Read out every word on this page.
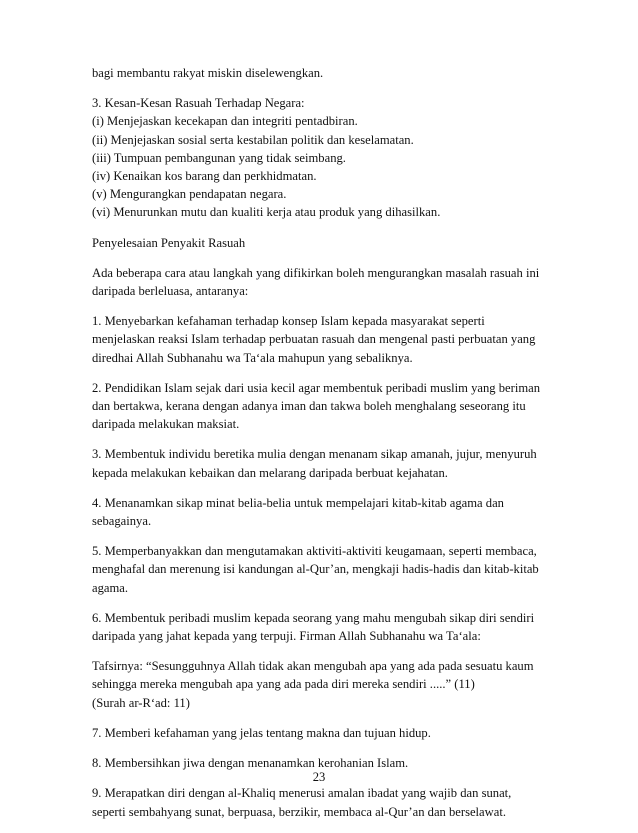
bagi membantu rakyat miskin diselewengkan.
3. Kesan-Kesan Rasuah Terhadap Negara:
(i) Menjejaskan kecekapan dan integriti pentadbiran.
(ii) Menjejaskan sosial serta kestabilan politik dan keselamatan.
(iii) Tumpuan pembangunan yang tidak seimbang.
(iv) Kenaikan kos barang dan perkhidmatan.
(v) Mengurangkan pendapatan negara.
(vi) Menurunkan mutu dan kualiti kerja atau produk yang dihasilkan.
Penyelesaian Penyakit Rasuah
Ada beberapa cara atau langkah yang difikirkan boleh mengurangkan masalah rasuah ini
daripada berleluasa, antaranya:
1. Menyebarkan kefahaman terhadap konsep Islam kepada masyarakat seperti
menjelaskan reaksi Islam terhadap perbuatan rasuah dan mengenal pasti perbuatan yang
diredhai Allah Subhanahu wa Ta‘ala mahupun yang sebaliknya.
2. Pendidikan Islam sejak dari usia kecil agar membentuk peribadi muslim yang beriman
dan bertakwa, kerana dengan adanya iman dan takwa boleh menghalang seseorang itu
daripada melakukan maksiat.
3. Membentuk individu beretika mulia dengan menanam sikap amanah, jujur, menyuruh
kepada melakukan kebaikan dan melarang daripada berbuat kejahatan.
4. Menanamkan sikap minat belia-belia untuk mempelajari kitab-kitab agama dan
sebagainya.
5. Memperbanyakkan dan mengutamakan aktiviti-aktiviti keugamaan, seperti membaca,
menghafal dan merenung isi kandungan al-Qur’an, mengkaji hadis-hadis dan kitab-kitab
agama.
6. Membentuk peribadi muslim kepada seorang yang mahu mengubah sikap diri sendiri
daripada yang jahat kepada yang terpuji. Firman Allah Subhanahu wa Ta‘ala:
Tafsirnya: “Sesungguhnya Allah tidak akan mengubah apa yang ada pada sesuatu kaum
sehingga mereka mengubah apa yang ada pada diri mereka sendiri .....” (11)
(Surah ar-R‘ad: 11)
7. Memberi kefahaman yang jelas tentang makna dan tujuan hidup.
8. Membersihkan jiwa dengan menanamkan kerohanian Islam.
9. Merapatkan diri dengan al-Khaliq menerusi amalan ibadat yang wajib dan sunat,
seperti sembahyang sunat, berpuasa, berzikir, membaca al-Qur’an dan berselawat.
23
